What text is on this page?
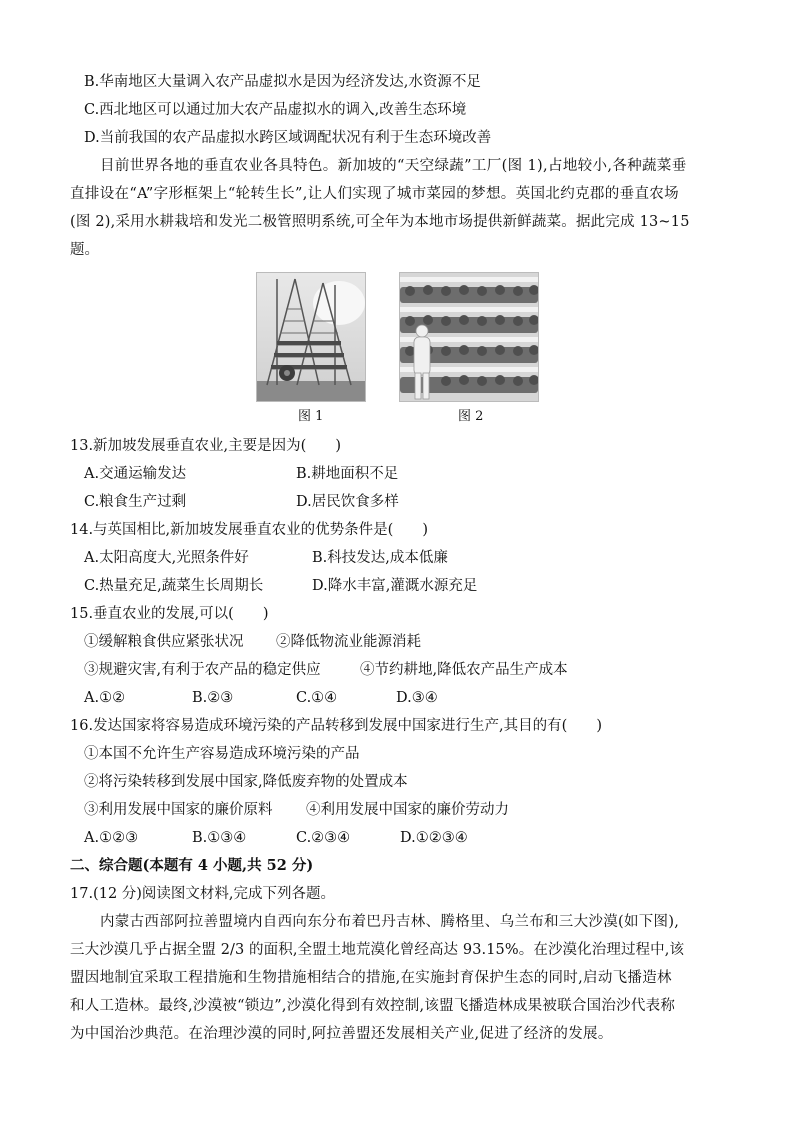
B.华南地区大量调入农产品虚拟水是因为经济发达,水资源不足
C.西北地区可以通过加大农产品虚拟水的调入,改善生态环境
D.当前我国的农产品虚拟水跨区域调配状况有利于生态环境改善
目前世界各地的垂直农业各具特色。新加坡的“天空绿蔬”工厂(图 1),占地较小,各种蔬菜垂
直排设在“A”字形框架上“轮转生长”,让人们实现了城市菜园的梦想。英国北约克郡的垂直农场
(图 2),采用水耕栽培和发光二极管照明系统,可全年为本地市场提供新鲜蔬菜。据此完成 13~15
题。
图 1	图 2
13.新加坡发展垂直农业,主要是因为(　　)
A.交通运输发达	B.耕地面积不足
C.粮食生产过剩	D.居民饮食多样
14.与英国相比,新加坡发展垂直农业的优势条件是(　　)
A.太阳高度大,光照条件好	B.科技发达,成本低廉
C.热量充足,蔬菜生长周期长	D.降水丰富,灌溉水源充足
15.垂直农业的发展,可以(　　)
①缓解粮食供应紧张状况 ②降低物流业能源消耗
③规避灾害,有利于农产品的稳定供应	④节约耕地,降低农产品生产成本
A.①②	B.②③	C.①④	D.③④
16.发达国家将容易造成环境污染的产品转移到发展中国家进行生产,其目的有(　　)
①本国不允许生产容易造成环境污染的产品
②将污染转移到发展中国家,降低废弃物的处置成本
③利用发展中国家的廉价原料 ④利用发展中国家的廉价劳动力
A.①②③	B.①③④	C.②③④	D.①②③④
二、综合题(本题有 4 小题,共 52 分)
17.(12 分)阅读图文材料,完成下列各题。
内蒙古西部阿拉善盟境内自西向东分布着巴丹吉林、腾格里、乌兰布和三大沙漠(如下图),
三大沙漠几乎占据全盟 2/3 的面积,全盟土地荒漠化曾经高达 93.15%。在沙漠化治理过程中,该
盟因地制宜采取工程措施和生物措施相结合的措施,在实施封育保护生态的同时,启动飞播造林
和人工造林。最终,沙漠被“锁边”,沙漠化得到有效控制,该盟飞播造林成果被联合国治沙代表称
为中国治沙典范。在治理沙漠的同时,阿拉善盟还发展相关产业,促进了经济的发展。
